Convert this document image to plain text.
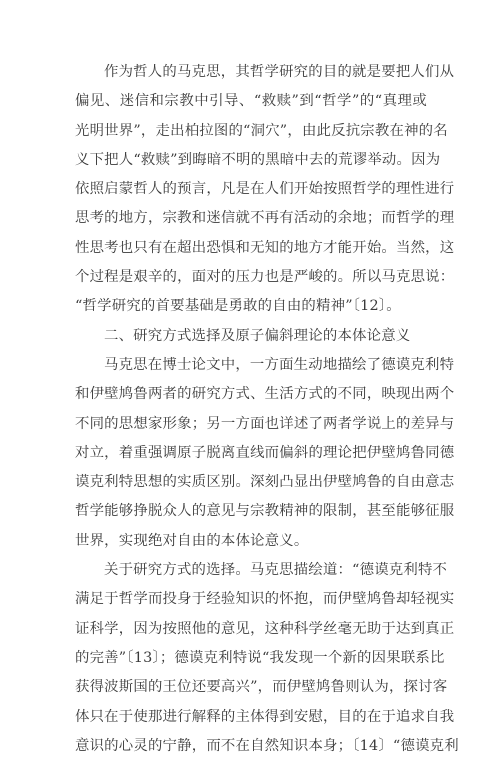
作为哲人的马克思，其哲学研究的目的就是要把人们从
偏见、迷信和宗教中引导、“救赎”到“哲学”的“真理或
光明世界”，走出柏拉图的“洞穴”，由此反抗宗教在神的名
义下把人“救赎”到晦暗不明的黑暗中去的荒谬举动。因为
依照启蒙哲人的预言，凡是在人们开始按照哲学的理性进行
思考的地方，宗教和迷信就不再有活动的余地；而哲学的理
性思考也只有在超出恐惧和无知的地方才能开始。当然，这
个过程是艰辛的，面对的压力也是严峻的。所以马克思说：
“哲学研究的首要基础是勇敢的自由的精神”〔12〕。
二、研究方式选择及原子偏斜理论的本体论意义
马克思在博士论文中，一方面生动地描绘了德谟克利特
和伊壁鸠鲁两者的研究方式、生活方式的不同，映现出两个
不同的思想家形象；另一方面也详述了两者学说上的差异与
对立，着重强调原子脱离直线而偏斜的理论把伊壁鸠鲁同德
谟克利特思想的实质区别。深刻凸显出伊壁鸠鲁的自由意志
哲学能够挣脱众人的意见与宗教精神的限制，甚至能够征服
世界，实现绝对自由的本体论意义。
关于研究方式的选择。马克思描绘道：“德谟克利特不
满足于哲学而投身于经验知识的怀抱，而伊壁鸠鲁却轻视实
证科学，因为按照他的意见，这种科学丝毫无助于达到真正
的完善”〔13〕；德谟克利特说“我发现一个新的因果联系比
获得波斯国的王位还要高兴”，而伊壁鸠鲁则认为，探讨客
体只在于使那进行解释的主体得到安慰，目的在于追求自我
意识的心灵的宁静，而不在自然知识本身；〔14〕“德谟克利
